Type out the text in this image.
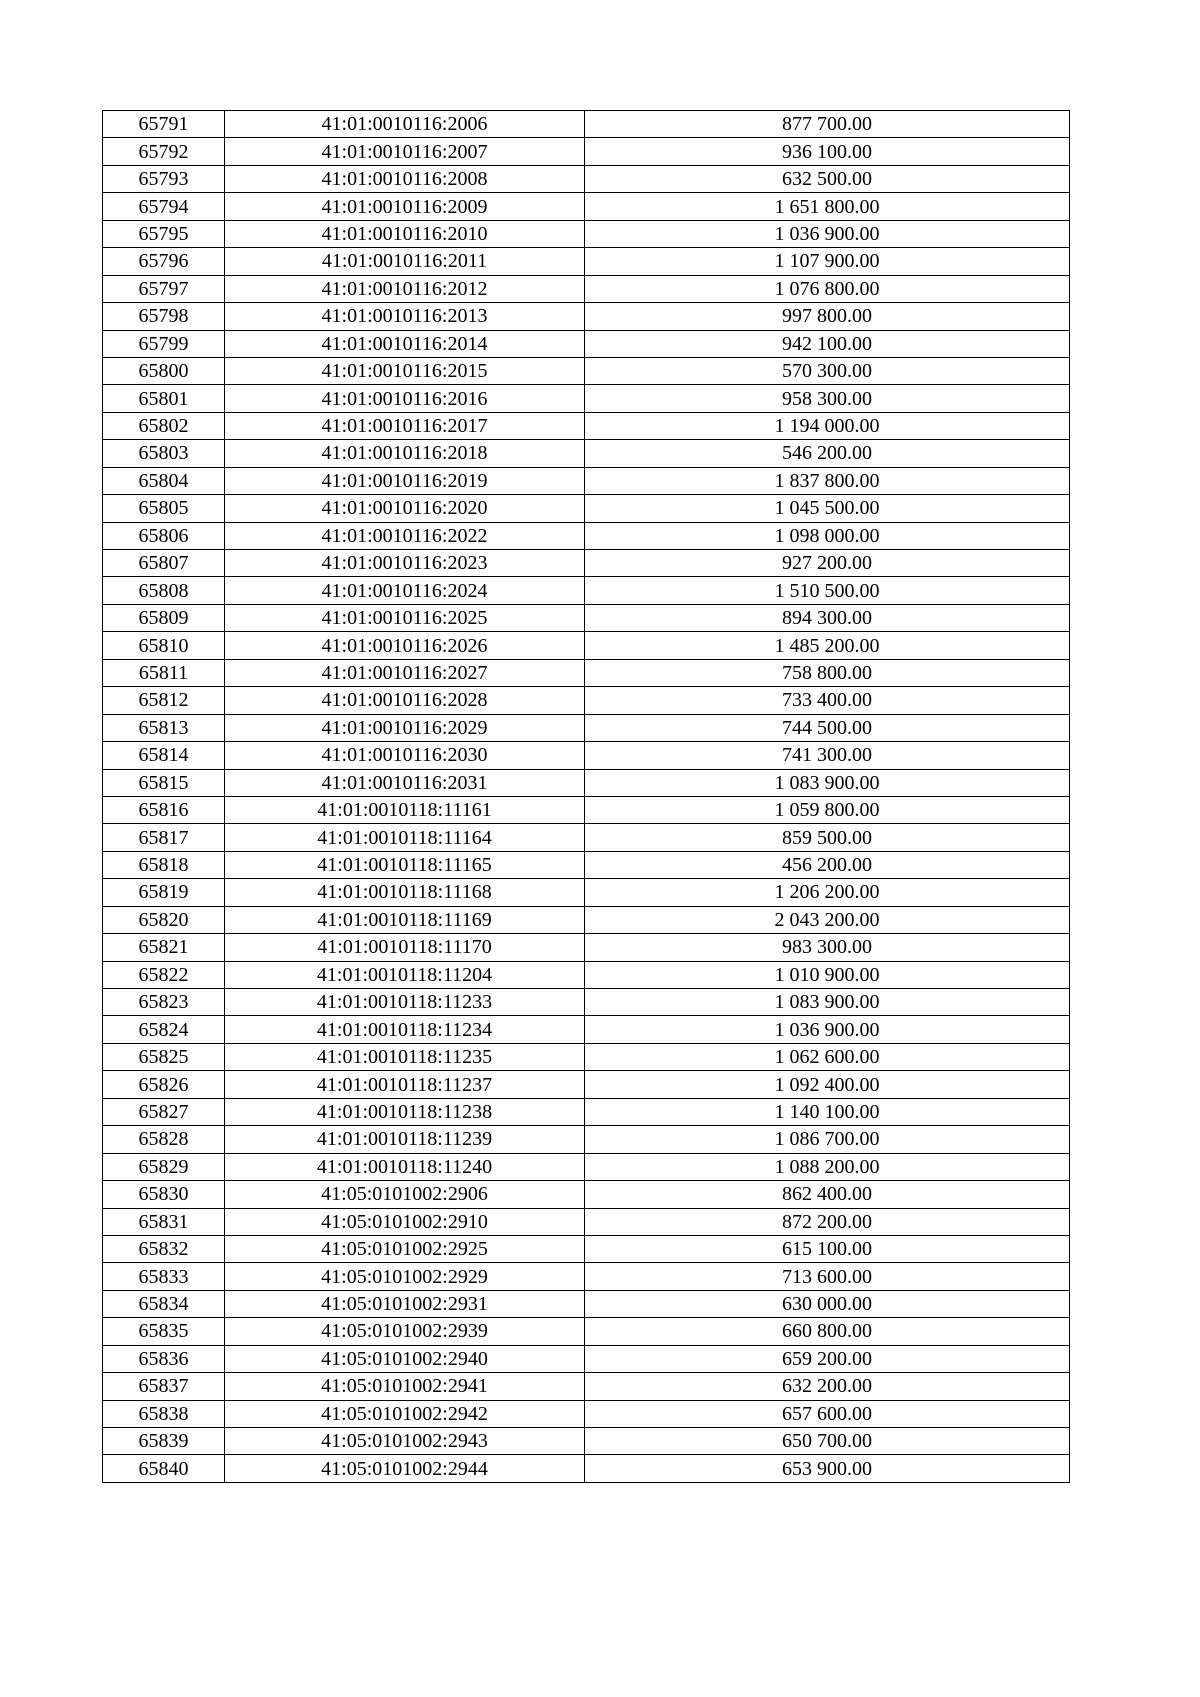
65791	41:01:0010116:2006	877 700.00
65792	41:01:0010116:2007	936 100.00
65793	41:01:0010116:2008	632 500.00
65794	41:01:0010116:2009	1 651 800.00
65795	41:01:0010116:2010	1 036 900.00
65796	41:01:0010116:2011	1 107 900.00
65797	41:01:0010116:2012	1 076 800.00
65798	41:01:0010116:2013	997 800.00
65799	41:01:0010116:2014	942 100.00
65800	41:01:0010116:2015	570 300.00
65801	41:01:0010116:2016	958 300.00
65802	41:01:0010116:2017	1 194 000.00
65803	41:01:0010116:2018	546 200.00
65804	41:01:0010116:2019	1 837 800.00
65805	41:01:0010116:2020	1 045 500.00
65806	41:01:0010116:2022	1 098 000.00
65807	41:01:0010116:2023	927 200.00
65808	41:01:0010116:2024	1 510 500.00
65809	41:01:0010116:2025	894 300.00
65810	41:01:0010116:2026	1 485 200.00
65811	41:01:0010116:2027	758 800.00
65812	41:01:0010116:2028	733 400.00
65813	41:01:0010116:2029	744 500.00
65814	41:01:0010116:2030	741 300.00
65815	41:01:0010116:2031	1 083 900.00
65816	41:01:0010118:11161	1 059 800.00
65817	41:01:0010118:11164	859 500.00
65818	41:01:0010118:11165	456 200.00
65819	41:01:0010118:11168	1 206 200.00
65820	41:01:0010118:11169	2 043 200.00
65821	41:01:0010118:11170	983 300.00
65822	41:01:0010118:11204	1 010 900.00
65823	41:01:0010118:11233	1 083 900.00
65824	41:01:0010118:11234	1 036 900.00
65825	41:01:0010118:11235	1 062 600.00
65826	41:01:0010118:11237	1 092 400.00
65827	41:01:0010118:11238	1 140 100.00
65828	41:01:0010118:11239	1 086 700.00
65829	41:01:0010118:11240	1 088 200.00
65830	41:05:0101002:2906	862 400.00
65831	41:05:0101002:2910	872 200.00
65832	41:05:0101002:2925	615 100.00
65833	41:05:0101002:2929	713 600.00
65834	41:05:0101002:2931	630 000.00
65835	41:05:0101002:2939	660 800.00
65836	41:05:0101002:2940	659 200.00
65837	41:05:0101002:2941	632 200.00
65838	41:05:0101002:2942	657 600.00
65839	41:05:0101002:2943	650 700.00
65840	41:05:0101002:2944	653 900.00
